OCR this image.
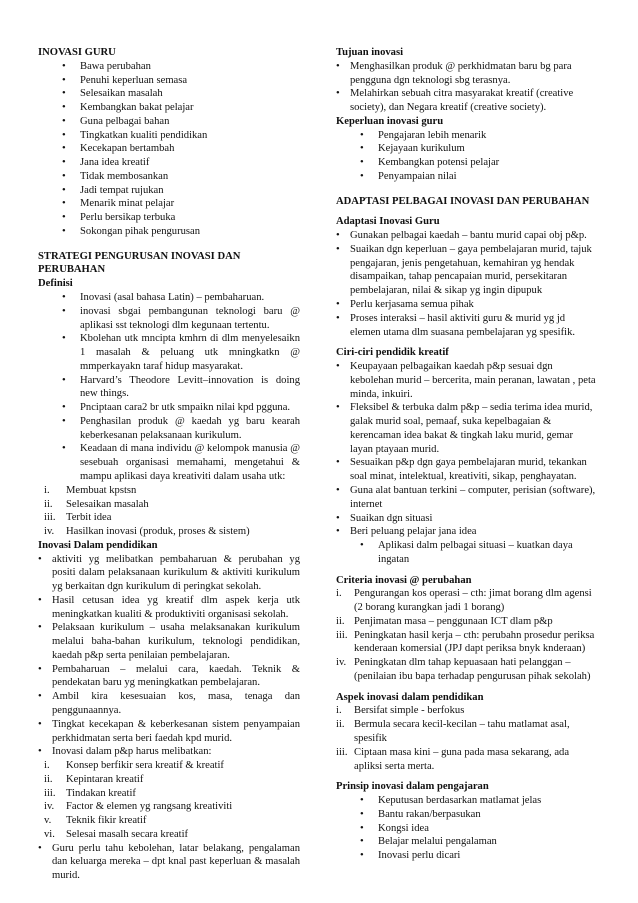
INOVASI GURU
• Bawa perubahan
• Penuhi keperluan semasa
• Selesaikan masalah
• Kembangkan bakat pelajar
• Guna pelbagai bahan
• Tingkatkan kualiti pendidikan
• Kecekapan bertambah
• Jana idea kreatif
• Tidak membosankan
• Jadi tempat rujukan
• Menarik minat pelajar
• Perlu bersikap terbuka
• Sokongan pihak pengurusan
STRATEGI PENGURUSAN INOVASI DAN PERUBAHAN
Definisi
• Inovasi (asal bahasa Latin) – pembaharuan.
• inovasi sbgai pembangunan teknologi baru @ aplikasi sst teknologi dlm kegunaan tertentu.
• Kbolehan utk mncipta kmhrn di dlm menyelesaikn 1 masalah & peluang utk mningkatkn @ mmperkayakn taraf hidup masyarakat.
• Harvard’s Theodore Levitt–innovation is doing new things.
• Pnciptaan cara2 br utk smpaikn nilai kpd pgguna.
• Penghasilan produk @ kaedah yg baru kearah keberkesanan pelaksanaan kurikulum.
• Keadaan di mana individu @ kelompok manusia @ sesebuah organisasi memahami, mengetahui & mampu aplikasi daya kreativiti dalam usaha utk:
i. Membuat kpstsn
ii. Selesaikan masalah
iii. Terbit idea
iv. Hasilkan inovasi (produk, proses & sistem)
Inovasi Dalam pendidikan
• aktiviti yg melibatkan pembaharuan & perubahan yg positi dalam pelaksanaan kurikulum & aktiviti kurikulum yg berkaitan dgn kurikulum di peringkat sekolah.
• Hasil cetusan idea yg kreatif dlm aspek kerja utk meningkatkan kualiti & produktiviti organisasi sekolah.
• Pelaksaan kurikulum – usaha melaksanakan kurikulum melalui baha-bahan kurikulum, teknologi pendidikan, kaedah p&p serta penilaian pembelajaran.
• Pembaharuan – melalui cara, kaedah. Teknik & pendekatan baru yg meningkatkan pembelajaran.
• Ambil kira kesesuaian kos, masa, tenaga dan penggunaannya.
• Tingkat kecekapan & keberkesanan sistem penyampaian perkhidmatan serta beri faedah kpd murid.
• Inovasi dalam p&p harus melibatkan:
i. Konsep berfikir sera kreatif & kreatif
ii. Kepintaran kreatif
iii. Tindakan kreatif
iv. Factor & elemen yg rangsang kreativiti
v. Teknik fikir kreatif
vi. Selesai masalh secara kreatif
• Guru perlu tahu kebolehan, latar belakang, pengalaman dan keluarga mereka – dpt knal past keperluan & masalah murid.
Tujuan inovasi
• Menghasilkan produk @ perkhidmatan baru bg para pengguna dgn teknologi sbg terasnya.
• Melahirkan sebuah citra masyarakat kreatif (creative society), dan Negara kreatif (creative society).
Keperluan inovasi guru
• Pengajaran lebih menarik
• Kejayaan kurikulum
• Kembangkan potensi pelajar
• Penyampaian nilai
ADAPTASI PELBAGAI INOVASI DAN PERUBAHAN
Adaptasi Inovasi Guru
• Gunakan pelbagai kaedah – bantu murid capai obj p&p.
• Suaikan dgn keperluan – gaya pembelajaran murid, tajuk pengajaran, jenis pengetahuan, kemahiran yg hendak disampaikan, tahap pencapaian murid, persekitaran pembelajaran, nilai & sikap yg ingin dipupuk
• Perlu kerjasama semua pihak
• Proses interaksi – hasil aktiviti guru & murid yg jd elemen utama dlm suasana pembelajaran yg spesifik.
Ciri-ciri pendidik kreatif
• Keupayaan pelbagaikan kaedah p&p sesuai dgn kebolehan murid – bercerita, main peranan, lawatan , peta minda, inkuiri.
• Fleksibel & terbuka dalm p&p – sedia terima idea murid, galak murid soal, pemaaf, suka kepelbagaian & kerencaman idea bakat & tingkah laku murid, gemar layan ptayaan murid.
• Sesuaikan p&p dgn gaya pembelajaran murid, tekankan soal minat, intelektual, kreativiti, sikap, penghayatan.
• Guna alat bantuan terkini – computer, perisian (software), internet
• Suaikan dgn situasi
• Beri peluang pelajar jana idea
• Aplikasi dalm pelbagai situasi – kuatkan daya ingatan
Criteria inovasi @ perubahan
i. Pengurangan kos operasi – cth: jimat borang dlm agensi (2 borang kurangkan jadi 1 borang)
ii. Penjimatan masa – penggunaan ICT dlam p&p
iii. Peningkatan hasil kerja – cth: perubahn prosedur periksa kenderaan komersial (JPJ dapt periksa bnyk knderaan)
iv. Peningkatan dlm tahap kepuasaan hati pelanggan – (penilaian ibu bapa terhadap pengurusan pihak sekolah)
Aspek inovasi dalam pendidikan
i. Bersifat simple - berfokus
ii. Bermula secara kecil-kecilan – tahu matlamat asal, spesifik
iii. Ciptaan masa kini – guna pada masa sekarang, ada apliksi serta merta.
Prinsip inovasi dalam pengajaran
• Keputusan berdasarkan matlamat jelas
• Bantu rakan/berpasukan
• Kongsi idea
• Belajar melalui pengalaman
• Inovasi perlu dicari
